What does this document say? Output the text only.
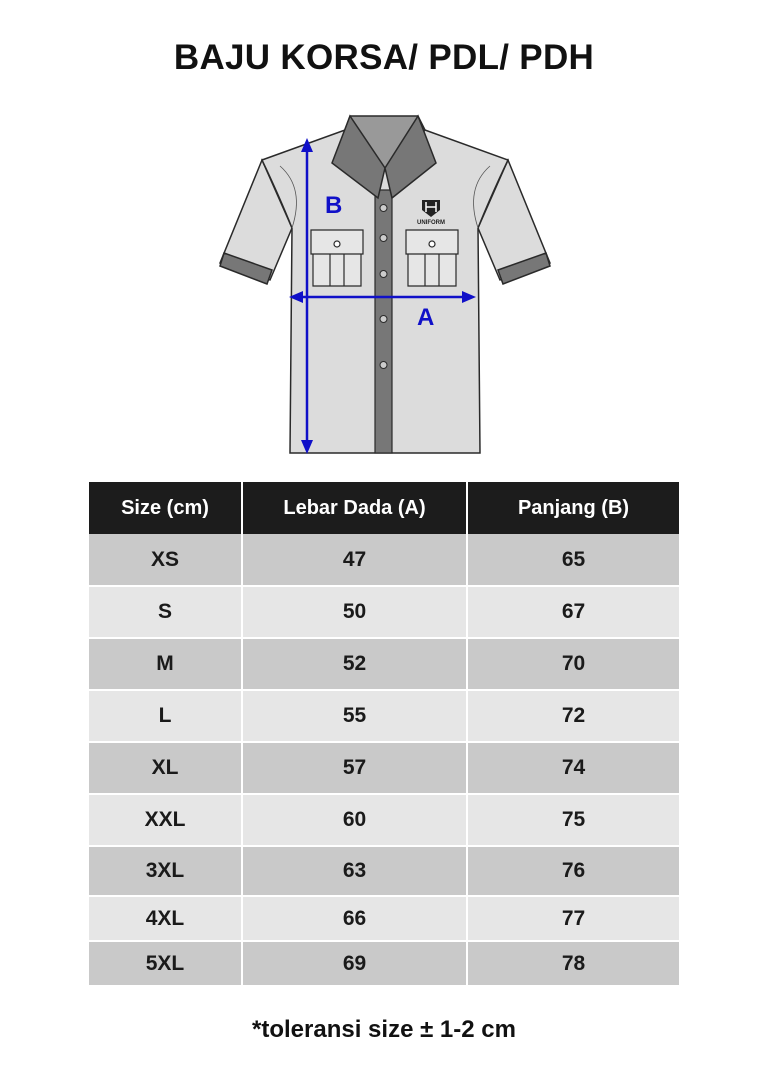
BAJU KORSA/ PDL/ PDH
UNIFORM
B
A
Size (cm)	Lebar Dada (A)	Panjang (B)
XS	47	65
S	50	67
M	52	70
L	55	72
XL	57	74
XXL	60	75
3XL	63	76
4XL	66	77
5XL	69	78
*toleransi size ± 1-2 cm
